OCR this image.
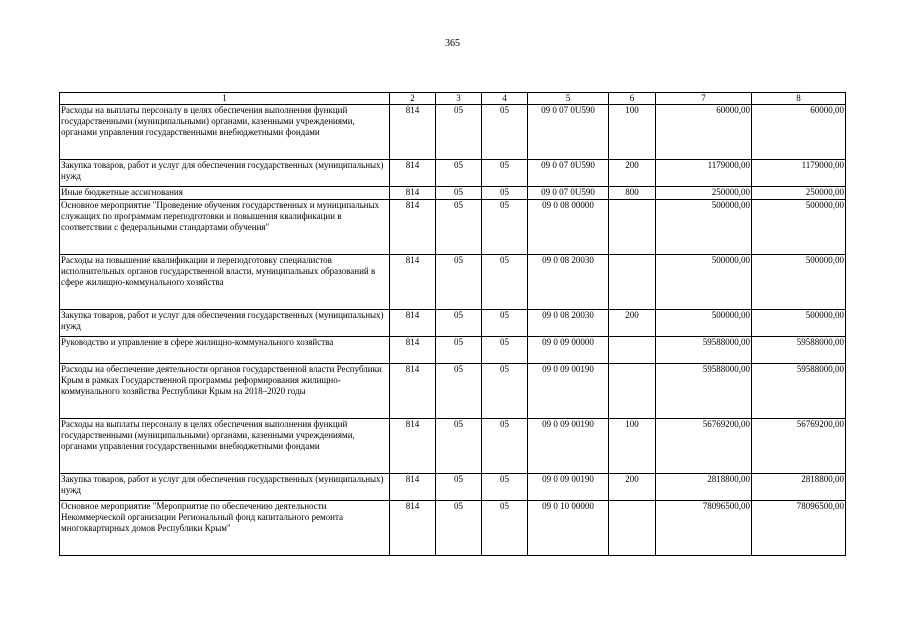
365
1	2	3	4	5	6	7	8
Расходы на выплаты персоналу в целях обеспечения выполнения функций государственными (муниципальными) органами, казенными учреждениями, органами управления государственными внебюджетными фондами	814	05	05	09 0 07 0U590	100	60000,00	60000,00
Закупка товаров, работ и услуг для обеспечения государственных (муниципальных) нужд	814	05	05	09 0 07 0U590	200	1179000,00	1179000,00
Иные бюджетные ассигнования	814	05	05	09 0 07 0U590	800	250000,00	250000,00
Основное мероприятие "Проведение обучения государственных и муниципальных служащих по программам переподготовки и повышения квалификации в соответствии с федеральными стандартами обучения"	814	05	05	09 0 08 00000		500000,00	500000,00
Расходы на повышение квалификации и переподготовку специалистов исполнительных органов государственной власти, муниципальных образований в сфере жилищно-коммунального хозяйства	814	05	05	09 0 08 20030		500000,00	500000,00
Закупка товаров, работ и услуг для обеспечения государственных (муниципальных) нужд	814	05	05	09 0 08 20030	200	500000,00	500000,00
Руководство и управление в сфере жилищно-коммунального хозяйства	814	05	05	09 0 09 00000		59588000,00	59588000,00
Расходы на обеспечение деятельности органов государственной власти Республики Крым в рамках Государственной программы реформирования жилищно-коммунального хозяйства Республики Крым на 2018–2020 годы	814	05	05	09 0 09 00190		59588000,00	59588000,00
Расходы на выплаты персоналу в целях обеспечения выполнения функций государственными (муниципальными) органами, казенными учреждениями, органами управления государственными внебюджетными фондами	814	05	05	09 0 09 00190	100	56769200,00	56769200,00
Закупка товаров, работ и услуг для обеспечения государственных (муниципальных) нужд	814	05	05	09 0 09 00190	200	2818800,00	2818800,00
Основное мероприятие "Мероприятие по обеспечению деятельности Некоммерческой организации Региональный фонд капитального ремонта многоквартирных домов Республики Крым"	814	05	05	09 0 10 00000		78096500,00	78096500,00
